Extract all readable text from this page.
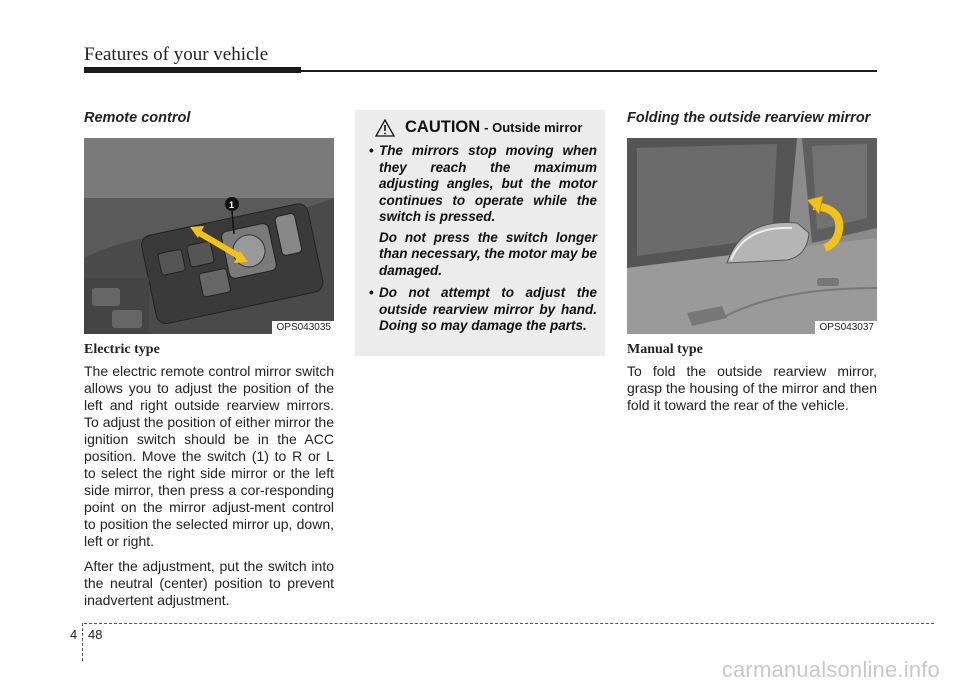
Features of your vehicle
Remote control
1
OPS043035
Electric type

The electric remote control mirror switch allows you to adjust the position of the left and right outside rearview mirrors. To adjust the position of either mirror the ignition switch should be in the ACC position. Move the switch (1) to R or L to select the right side mirror or the left side mirror, then press a cor-responding point on the mirror adjust-ment control to position the selected mirror up, down, left or right.

After the adjustment, put the switch into the neutral (center) position to prevent inadvertent adjustment.

CAUTION - Outside mirror
• The mirrors stop moving when they reach the maximum adjusting angles, but the motor continues to operate while the switch is pressed.
Do not press the switch longer than necessary, the motor may be damaged.
• Do not attempt to adjust the outside rearview mirror by hand. Doing so may damage the parts.
Folding the outside rearview mirror
OPS043037
Manual type

To fold the outside rearview mirror, grasp the housing of the mirror and then fold it toward the rear of the vehicle.

4 48
carmanualsonline.info
